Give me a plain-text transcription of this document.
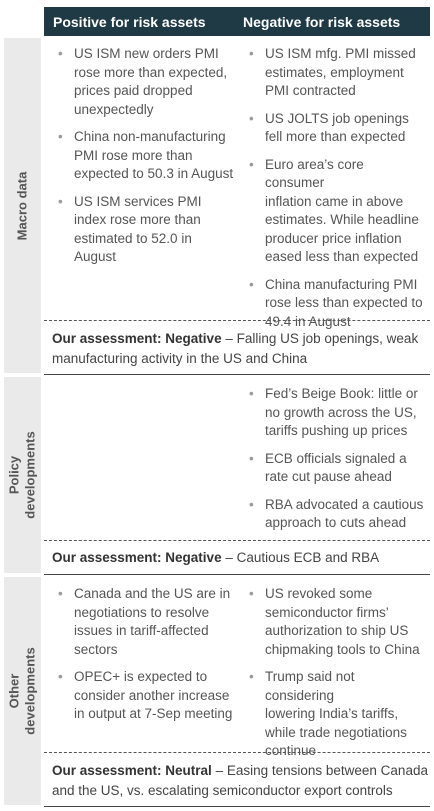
Positive for risk assets	Negative for risk assets
Macro data
Policy developments
Other developments
• US ISM new orders PMI
rose more than expected,
prices paid dropped
unexpectedly
• China non-manufacturing
PMI rose more than
expected to 50.3 in August
• US ISM services PMI
index rose more than
estimated to 52.0 in
August
• US ISM mfg. PMI missed
estimates, employment
PMI contracted
• US JOLTS job openings
fell more than expected
• Euro area’s core consumer
inflation came in above
estimates. While headline
producer price inflation
eased less than expected
• China manufacturing PMI
rose less than expected to
49.4 in August
Our assessment: Negative – Falling US job openings, weak manufacturing activity in the US and China
• Fed’s Beige Book: little or
no growth across the US,
tariffs pushing up prices
• ECB officials signaled a
rate cut pause ahead
• RBA advocated a cautious
approach to cuts ahead
Our assessment: Negative – Cautious ECB and RBA
• Canada and the US are in
negotiations to resolve
issues in tariff-affected
sectors
• OPEC+ is expected to
consider another increase
in output at 7-Sep meeting
• US revoked some
semiconductor firms’
authorization to ship US
chipmaking tools to China
• Trump said not considering
lowering India’s tariffs,
while trade negotiations
continue
Our assessment: Neutral – Easing tensions between Canada and the US, vs. escalating semiconductor export controls
